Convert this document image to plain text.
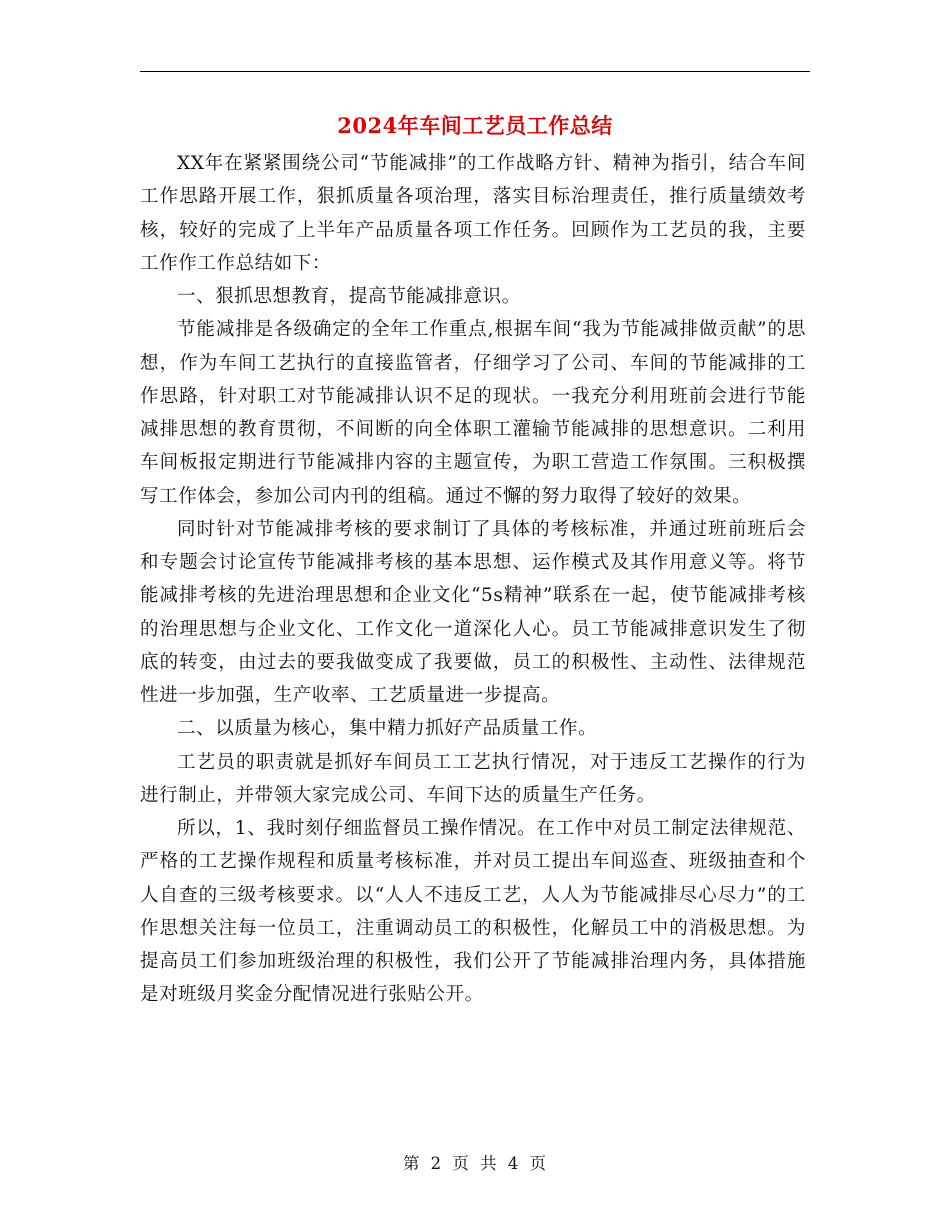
2024年车间工艺员工作总结

XX年在紧紧围绕公司“节能减排”的工作战略方针、精神为指引，结合车间工作思路开展工作，狠抓质量各项治理，落实目标治理责任，推行质量绩效考核，较好的完成了上半年产品质量各项工作任务。回顾作为工艺员的我，主要工作作工作总结如下：

一、狠抓思想教育，提高节能减排意识。

节能减排是各级确定的全年工作重点,根据车间“我为节能减排做贡献”的思想，作为车间工艺执行的直接监管者，仔细学习了公司、车间的节能减排的工作思路，针对职工对节能减排认识不足的现状。一我充分利用班前会进行节能减排思想的教育贯彻，不间断的向全体职工灌输节能减排的思想意识。二利用车间板报定期进行节能减排内容的主题宣传，为职工营造工作氛围。三积极撰写工作体会，参加公司内刊的组稿。通过不懈的努力取得了较好的效果。

同时针对节能减排考核的要求制订了具体的考核标准，并通过班前班后会和专题会讨论宣传节能减排考核的基本思想、运作模式及其作用意义等。将节能减排考核的先进治理思想和企业文化“5s精神”联系在一起，使节能减排考核的治理思想与企业文化、工作文化一道深化人心。员工节能减排意识发生了彻底的转变，由过去的要我做变成了我要做，员工的积极性、主动性、法律规范性进一步加强，生产收率、工艺质量进一步提高。

二、以质量为核心，集中精力抓好产品质量工作。

工艺员的职责就是抓好车间员工工艺执行情况，对于违反工艺操作的行为进行制止，并带领大家完成公司、车间下达的质量生产任务。

所以，1、我时刻仔细监督员工操作情况。在工作中对员工制定法律规范、严格的工艺操作规程和质量考核标准，并对员工提出车间巡查、班级抽查和个人自查的三级考核要求。以“人人不违反工艺，人人为节能减排尽心尽力”的工作思想关注每一位员工，注重调动员工的积极性，化解员工中的消极思想。为提高员工们参加班级治理的积极性，我们公开了节能减排治理内务，具体措施是对班级月奖金分配情况进行张贴公开。

第 2 页 共 4 页
